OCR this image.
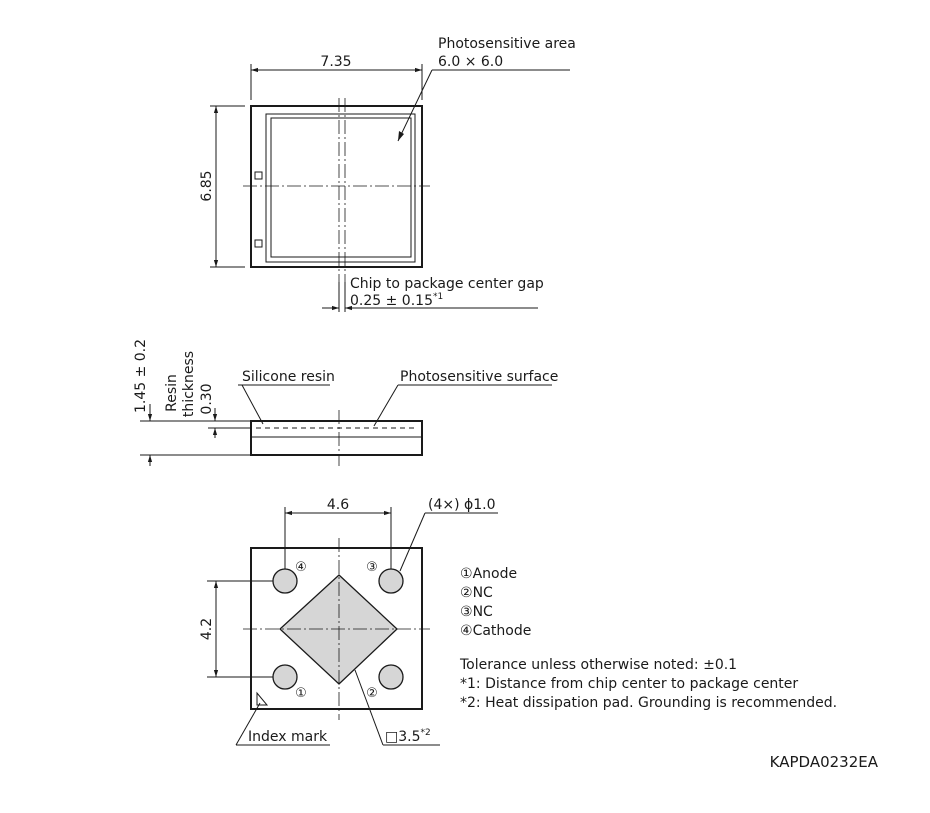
7.35
6.85
Photosensitive area
6.0 × 6.0
Chip to package center gap
$0.25 \pm 0.15^{*1}$
1.45 ± 0.2 Resin thickness 0.30
Silicone resin	Photosensitive surface
④	③
①	②
4.6
4.2
(4×) ϕ1.0
Index mark	□3.5$^{*2}$
①Anode
②NC
③NC
④Cathode
Tolerance unless otherwise noted: ±0.1
*1: Distance from chip center to package center
*2: Heat dissipation pad. Grounding is recommended.
KAPDA0232EA
